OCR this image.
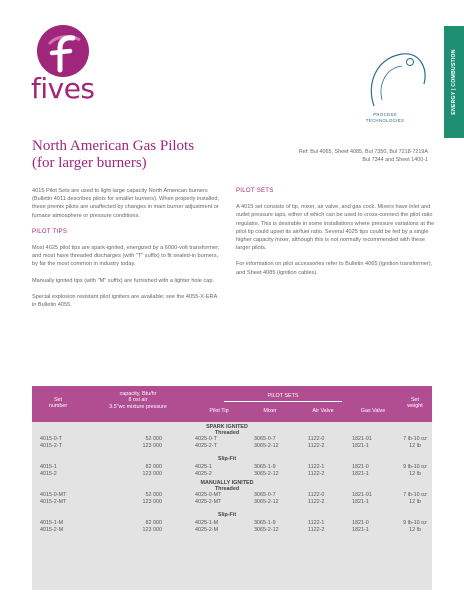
ENERGY | COMBUSTION
fives
PROCESS
TECHNOLOGIES
North American Gas Pilots
(for larger burners)
Ref: Bul 4065, Sheet 4085, Bul 7350, Bul 7218-7219A
Bul 7344 and Sheet 1400-1

4015 Pilot Sets are used to light large capacity North American burners (Bulletin 4011 describes pilots for smaller burners). When properly installed, these premix pilots are unaffected by changes in main burner adjustment or furnace atmosphere or pressure conditions.

PILOT TIPS

Most 4025 pilot tips are spark-ignited, energized by a 6000-volt transformer; and most have threaded discharges (with "T" suffix) to fit sealed-in burners, by far the most common in industry today.

Manually ignited tips (with "M" suffix) are furnished with a lighter hole cap.

Special explosion resistant pilot igniters are available; see the 4055-X-ERA in Bulletin 4055.

PILOT SETS

A 4015 set consists of tip, mixer, air valve, and gas cock. Mixers have inlet and outlet pressure taps, either of which can be used to cross-connect the pilot ratio regulator. This is desirable in some installations where pressure variations at the pilot tip could upset its air/fuel ratio. Several 4025 tips could be fed by a single higher capacity mixer, although this is not normally recommended with these larger pilots.

For information on pilot accessories refer to Bulletin 4065 (ignition transformer), and Sheet 4085 (ignition cables).

Set
number
capacity, Btu/hr
8 osi air
3.5"wc mixture pressure
PILOT SETS
Pilot Tip	Mixer	Air Valve	Gas Valve
Set
weight
SPARK IGNITED
Threaded
Slip-Fit
MANUALLY IGNITED
Threaded
Slip-Fit
4015-0-T	52 000	4025-0-T	3065-0-7	1122-0	1821-01	7 lb-10 oz
4015-2-T	123 000	4025-2-T	3065-2-12	1122-2	1821-1	12 lb
4015-1	82 000	4025-1	3065-1-9	1122-1	1821-0	9 lb-10 oz
4015-2	123 000	4025-2	3065-2-12	1122-2	1821-1	12 lb
4015-0-MT	52 000	4025-0-MT	3065-0-7	1122-0	1821-01	7 lb-10 oz
4015-2-MT	123 000	4025-2-MT	3065-2-12	1122-2	1821-1	12 lb
4015-1-M	82 000	4025-1-M	3065-1-9	1122-1	1821-0	9 lb-10 oz
4015-2-M	123 000	4025-2-M	3065-2-12	1122-2	1821-1	12 lb
